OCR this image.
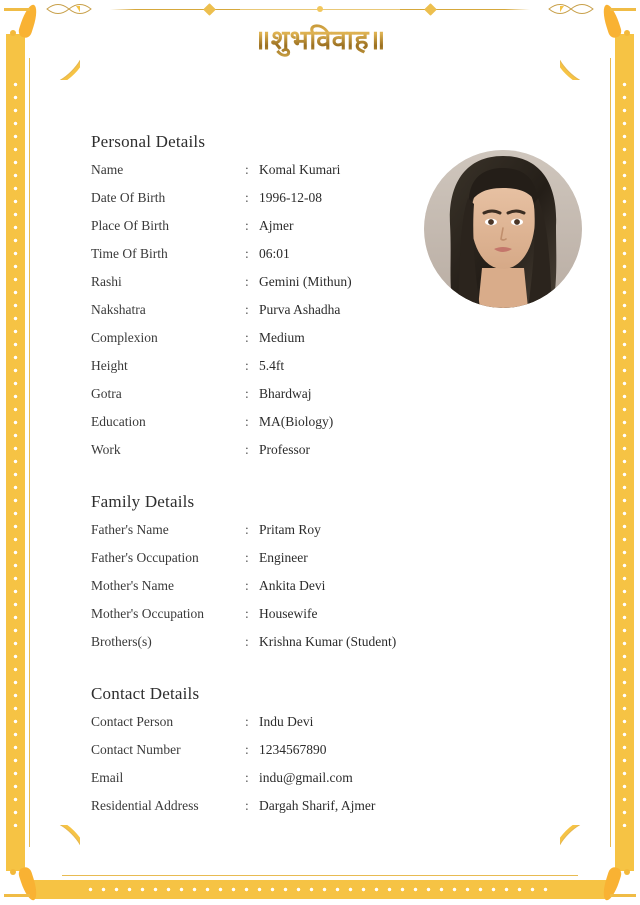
॥शुभविवाह॥
Personal Details
Name	:	Komal Kumari
Date Of Birth	:	1996-12-08
Place Of Birth	:	Ajmer
Time Of Birth	:	06:01
Rashi	:	Gemini (Mithun)
Nakshatra	:	Purva Ashadha
Complexion	:	Medium
Height	:	5.4ft
Gotra	:	Bhardwaj
Education	:	MA(Biology)
Work	:	Professor
Family Details
Father's Name	:	Pritam Roy
Father's Occupation	:	Engineer
Mother's Name	:	Ankita Devi
Mother's Occupation	:	Housewife
Brothers(s)	:	Krishna Kumar (Student)
Contact Details
Contact Person	:	Indu Devi
Contact Number	:	1234567890
Email	:	indu@gmail.com
Residential Address	:	Dargah Sharif, Ajmer
